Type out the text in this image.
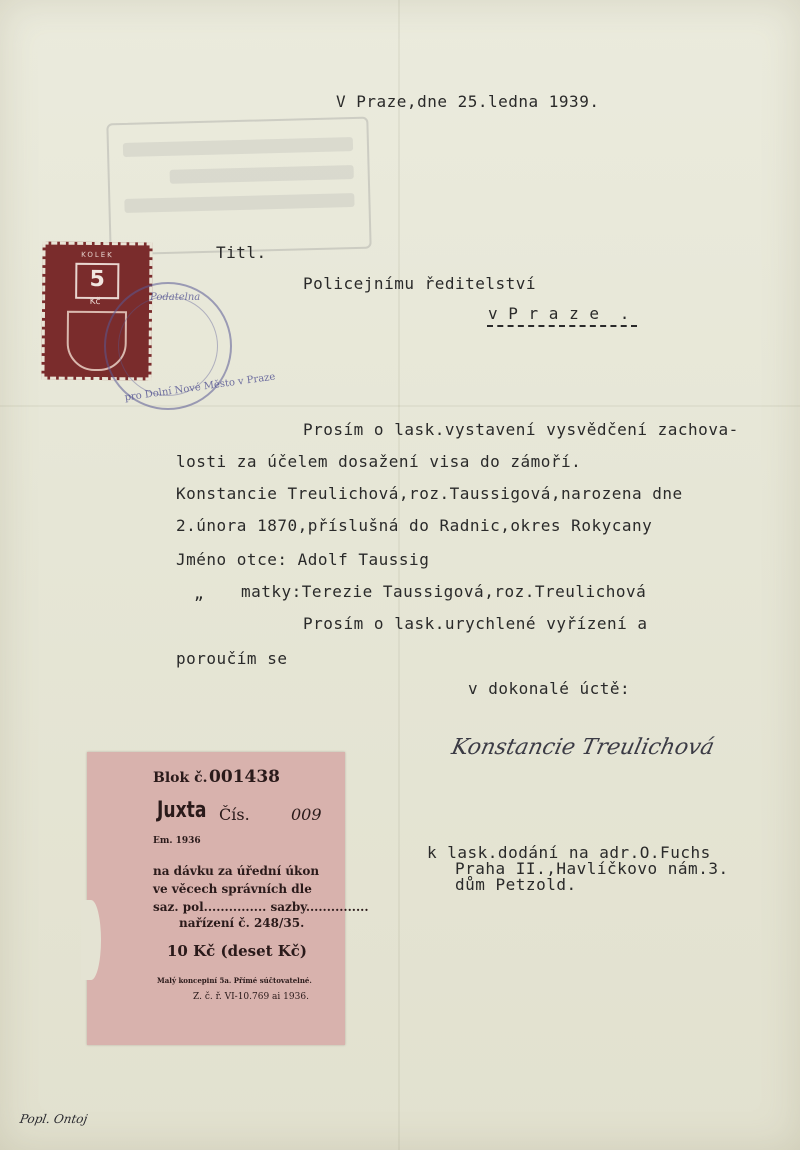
V Praze,dne 25.ledna 1939.
Titl.
Policejnímu ředitelství
v P r a z e  .
KOLEK
5
Kč	Podatelna
pro Dolní Nové Město v Praze
Prosím o lask.vystavení vysvědčení zachova-
losti za účelem dosažení visa do zámoří.
Konstancie Treulichová,roz.Taussigová,narozena dne
2.února 1870,příslušná do Radnic,okres Rokycany
Jméno otce: Adolf Taussig
„ matky:Terezie Taussigová,roz.Treulichová
Prosím o lask.urychlené vyřízení a
poroučím se
v dokonalé úctě:
Konstancie Treulichová
k lask.dodání na adr.O.Fuchs
Praha II.,Havlíčkovo nám.3.
dům Petzold.
Blok č. 001438
Juxta Čís.	009
Em. 1936
na dávku za úřední úkon
ve věcech správních dle
saz. pol............... sazby...............
nařízení č. 248/35.
10 Kč (deset Kč)
Malý koncepiní 5a. Přímé súčtovatelné.
Z. č. ř. VI-10.769 ai 1936.
Popl. Ontoj
